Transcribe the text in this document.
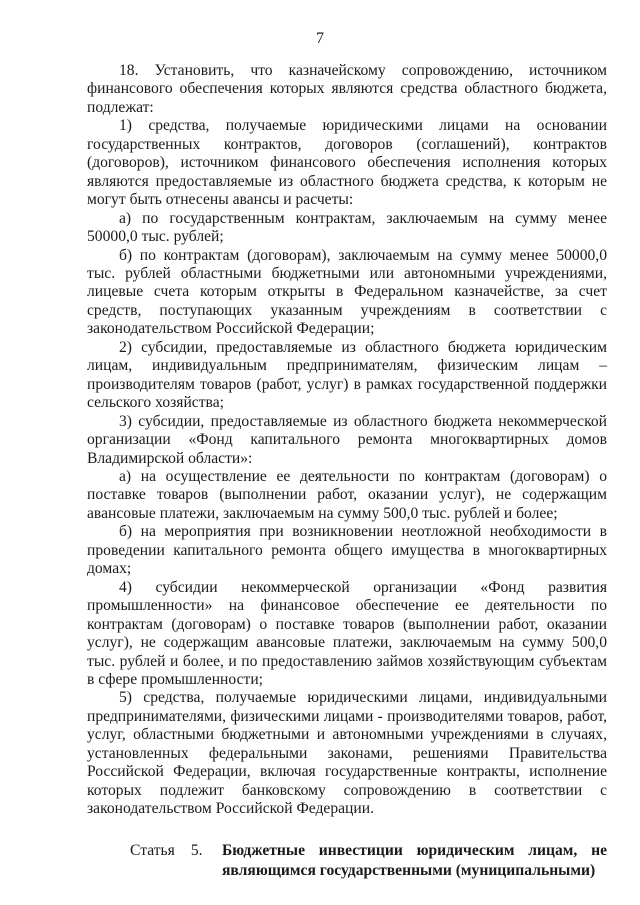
7

18. Установить, что казначейскому сопровождению, источником финансового обеспечения которых являются средства областного бюджета, подлежат:

1) средства, получаемые юридическими лицами на основании государственных контрактов, договоров (соглашений), контрактов (договоров), источником финансового обеспечения исполнения которых являются предоставляемые из областного бюджета средства, к которым не могут быть отнесены авансы и расчеты:

а) по государственным контрактам, заключаемым на сумму менее 50000,0 тыс. рублей;

б) по контрактам (договорам), заключаемым на сумму менее 50000,0 тыс. рублей областными бюджетными или автономными учреждениями, лицевые счета которым открыты в Федеральном казначействе, за счет средств, поступающих указанным учреждениям в соответствии с законодательством Российской Федерации;

2) субсидии, предоставляемые из областного бюджета юридическим лицам, индивидуальным предпринимателям, физическим лицам – производителям товаров (работ, услуг) в рамках государственной поддержки сельского хозяйства;

3) субсидии, предоставляемые из областного бюджета некоммерческой организации «Фонд капитального ремонта многоквартирных домов Владимирской области»:

а) на осуществление ее деятельности по контрактам (договорам) о поставке товаров (выполнении работ, оказании услуг), не содержащим авансовые платежи, заключаемым на сумму 500,0 тыс. рублей и более;

б) на мероприятия при возникновении неотложной необходимости в проведении капитального ремонта общего имущества в многоквартирных домах;

4) субсидии некоммерческой организации «Фонд развития промышленности» на финансовое обеспечение ее деятельности по контрактам (договорам) о поставке товаров (выполнении работ, оказании услуг), не содержащим авансовые платежи, заключаемым на сумму 500,0 тыс. рублей и более, и по предоставлению займов хозяйствующим субъектам в сфере промышленности;

5) средства, получаемые юридическими лицами, индивидуальными предпринимателями, физическими лицами - производителями товаров, работ, услуг, областными бюджетными и автономными учреждениями в случаях, установленных федеральными законами, решениями Правительства Российской Федерации, включая государственные контракты, исполнение которых подлежит банковскому сопровождению в соответствии с законодательством Российской Федерации.

Статья 5.	Бюджетные инвестиции юридическим лицам, не являющимся государственными (муниципальными)
